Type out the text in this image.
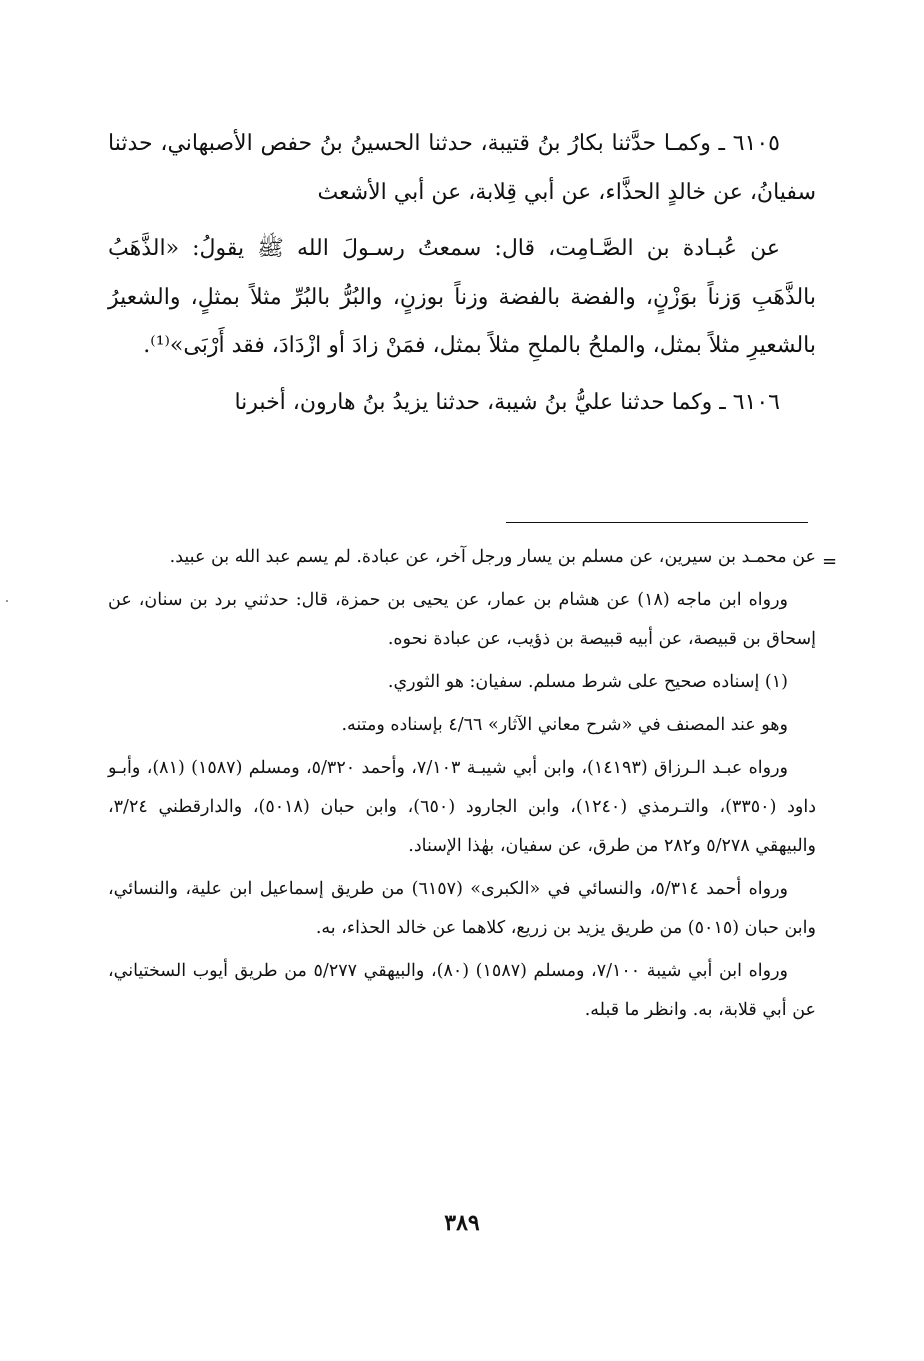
٦١٠٥ ـ وكمـا حدَّثنا بكارُ بنُ قتيبة، حدثنا الحسينُ بنُ حفص الأصبهاني، حدثنا سفيانُ، عن خالدٍ الحذَّاء، عن أبي قِلابة، عن أبي الأشعث

عن عُبـادة بن الصَّـامِت، قال: سمعتُ رسـولَ الله ﷺ يقولُ: «الذَّهَبُ بالذَّهَبِ وَزناً بوَزْنٍ، والفضة بالفضة وزناً بوزنٍ، والبُرُّ بالبُرِّ مثلاً بمثلٍ، والشعيرُ بالشعيرِ مثلاً بمثل، والملحُ بالملحِ مثلاً بمثل، فمَنْ زادَ أو ازْدَادَ، فقد أَرْبَى»⁽¹⁾.

٦١٠٦ ـ وكما حدثنا عليُّ بنُ شيبة، حدثنا يزيدُ بنُ هارون، أخبرنا

=

عن محمـد بن سيرين، عن مسلم بن يسار ورجل آخر، عن عبادة. لم يسم عبد الله بن عبيد.

ورواه ابن ماجه (١٨) عن هشام بن عمار، عن يحيى بن حمزة، قال: حدثني برد بن سنان، عن إسحاق بن قبيصة، عن أبيه قبيصة بن ذؤيب، عن عبادة نحوه.

(١) إسناده صحيح على شرط مسلم. سفيان: هو الثوري.

وهو عند المصنف في «شرح معاني الآثار» ٤/٦٦ بإسناده ومتنه.

ورواه عبـد الـرزاق (١٤١٩٣)، وابن أبي شيبـة ٧/١٠٣، وأحمد ٥/٣٢٠، ومسلم (١٥٨٧) (٨١)، وأبـو داود (٣٣٥٠)، والتـرمذي (١٢٤٠)، وابن الجارود (٦٥٠)، وابن حبان (٥٠١٨)، والدارقطني ٣/٢٤، والبيهقي ٥/٢٧٨ و٢٨٢ من طرق، عن سفيان، بهٰذا الإسناد.

ورواه أحمد ٥/٣١٤، والنسائي في «الكبرى» (٦١٥٧) من طريق إسماعيل ابن علية، والنسائي، وابن حبان (٥٠١٥) من طريق يزيد بن زريع، كلاهما عن خالد الحذاء، به.

ورواه ابن أبي شيبة ٧/١٠٠، ومسلم (١٥٨٧) (٨٠)، والبيهقي ٥/٢٧٧ من طريق أيوب السختياني، عن أبي قلابة، به. وانظر ما قبله.

٣٨٩
